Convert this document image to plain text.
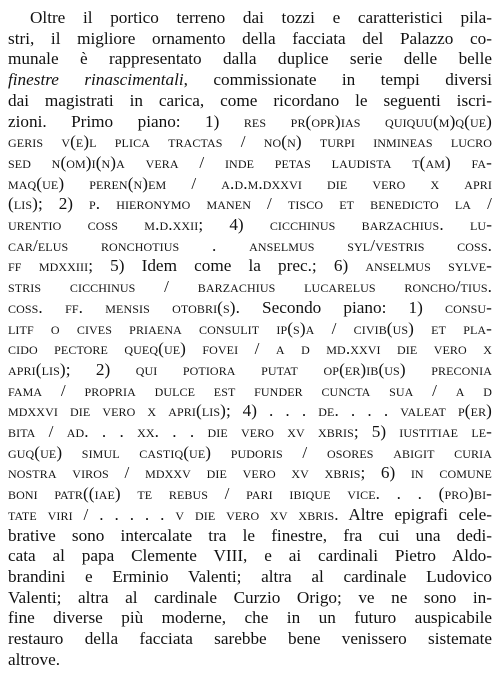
Oltre il portico terreno dai tozzi e caratteristici pila-
stri, il migliore ornamento della facciata del Palazzo co-
munale è rappresentato dalla duplice serie delle belle
finestre rinascimentali, commissionate in tempi diversi
dai magistrati in carica, come ricordano le seguenti iscri-
zioni. Primo piano: 1) res pr(opr)ias quiquu(m)q(ue)
geris v(e)l plica tractas / no(n) turpi inmineas lucro
sed n(om)i(n)a vera / inde petas laudista t(am) fa-
maq(ue) peren(n)em / a.d.m.dxxvi die vero x apri
(lis); 2) p. hieronymo manen / tisco et benedicto la /
urentio coss m.d.xxii; 4) cicchinus barzachius. lu-
car/elus ronchotius . anselmus syl/vestris coss.
ff mdxxiii; 5) Idem come la prec.; 6) anselmus sylve-
stris cicchinus / barzachius lucarelus roncho/tius.
coss. ff. mensis otobri(s). Secondo piano: 1) consu-
litf o cives priaena consulit ip(s)a / civib(us) et pla-
cido pectore queq(ue) fovei / a d md.xxvi die vero x
apri(lis); 2) qui potiora putat op(er)ib(us) preconia
fama / propria dulce est funder cuncta sua / a d
mdxxvi die vero x apri(lis); 4) . . . de. . . . valeat p(er)
bita / ad. . . xx. . . die vero xv xbris; 5) iustitiae le-
guq(ue) simul castiq(ue) pudoris / osores abigit curia
nostra viros / mdxxv die vero xv xbris; 6) in comune
boni patr((iae) te rebus / pari ibique vice. . . (pro)bi-
tate viri / . . . . . v die vero xv xbris. Altre epigrafi cele-
brative sono intercalate tra le finestre, fra cui una dedi-
cata al papa Clemente VIII, e ai cardinali Pietro Aldo-
brandini e Erminio Valenti; altra al cardinale Ludovico
Valenti; altra al cardinale Curzio Origo; ve ne sono in-
fine diverse più moderne, che in un futuro auspicabile
restauro della facciata sarebbe bene venissero sistemate
altrove.
